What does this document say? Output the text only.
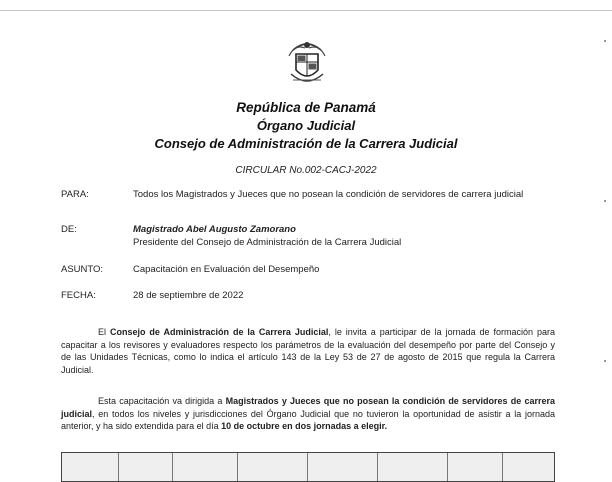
República de Panamá
Órgano Judicial
Consejo de Administración de la Carrera Judicial
CIRCULAR No.002-CACJ-2022
PARA:	Todos los Magistrados y Jueces que no posean la condición de servidores de carrera judicial
DE:	Magistrado Abel Augusto Zamorano
Presidente del Consejo de Administración de la Carrera Judicial
ASUNTO:	Capacitación en Evaluación del Desempeño
FECHA:	28 de septiembre de 2022

El Consejo de Administración de la Carrera Judicial, le invita a participar de la jornada de formación para capacitar a los revisores y evaluadores respecto los parámetros de la evaluación del desempeño por parte del Consejo y de las Unidades Técnicas, como lo indica el artículo 143 de la Ley 53 de 27 de agosto de 2015 que regula la Carrera Judicial.

Esta capacitación va dirigida a Magistrados y Jueces que no posean la condición de servidores de carrera judicial, en todos los niveles y jurisdicciones del Órgano Judicial que no tuvieron la oportunidad de asistir a la jornada anterior, y ha sido extendida para el día 10 de octubre en dos jornadas a elegir.
